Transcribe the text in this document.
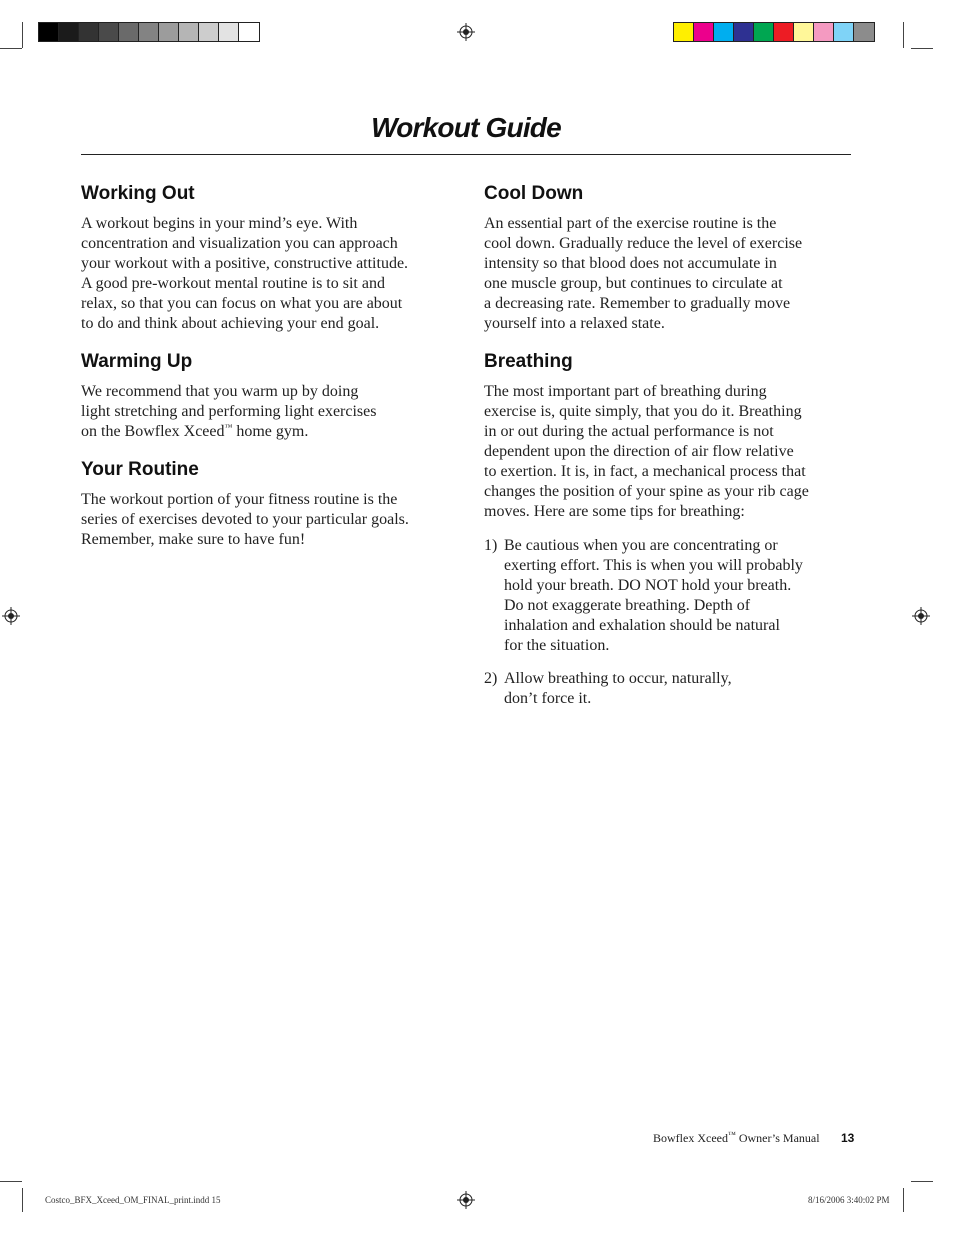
Workout Guide
Working Out

A workout begins in your mind’s eye. With
concentration and visualization you can approach
your workout with a positive, constructive attitude.
A good pre-workout mental routine is to sit and
relax, so that you can focus on what you are about
to do and think about achieving your end goal.

Warming Up

We recommend that you warm up by doing
light stretching and performing light exercises
on the Bowflex Xceed™ home gym.

Your Routine

The workout portion of your fitness routine is the
series of exercises devoted to your particular goals.
Remember, make sure to have fun!

Cool Down

An essential part of the exercise routine is the
cool down. Gradually reduce the level of exercise
intensity so that blood does not accumulate in
one muscle group, but continues to circulate at
a decreasing rate. Remember to gradually move
yourself into a relaxed state.

Breathing

The most important part of breathing during
exercise is, quite simply, that you do it. Breathing
in or out during the actual performance is not
dependent upon the direction of air flow relative
to exertion. It is, in fact, a mechanical process that
changes the position of your spine as your rib cage
moves. Here are some tips for breathing:

1) Be cautious when you are concentrating or
exerting effort. This is when you will probably
hold your breath. DO NOT hold your breath.
Do not exaggerate breathing. Depth of
inhalation and exhalation should be natural
for the situation.
2) Allow breathing to occur, naturally,
don’t force it.
Bowflex Xceed™ Owner’s Manual 13
Costco_BFX_Xceed_OM_FINAL_print.indd 15	8/16/2006 3:40:02 PM
